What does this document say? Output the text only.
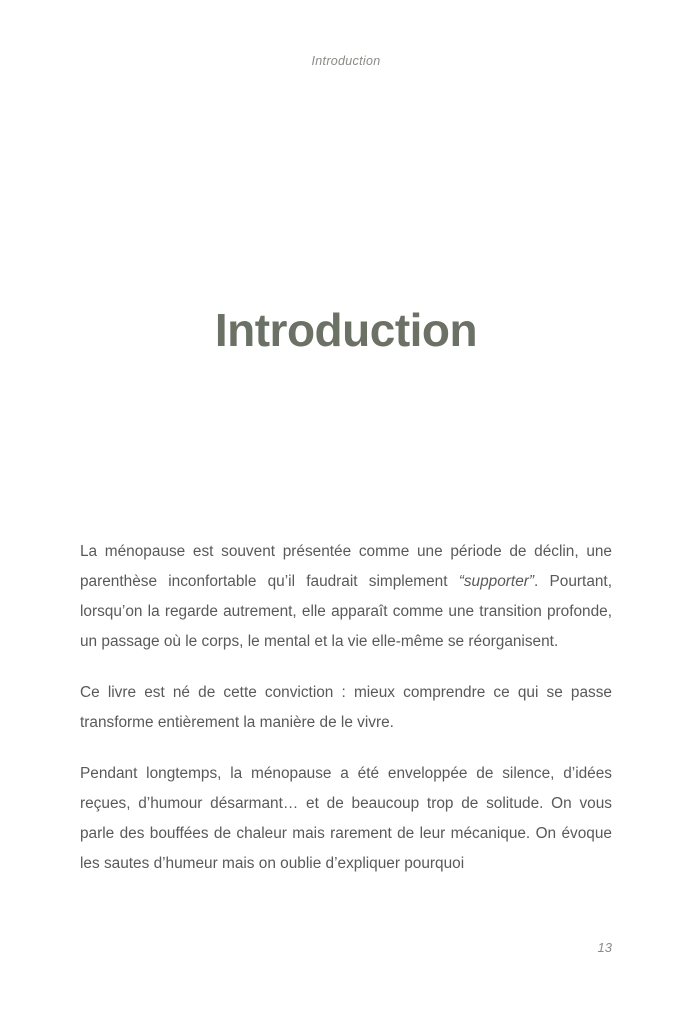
Introduction
Introduction

La ménopause est souvent présentée comme une période de déclin, une parenthèse inconfortable qu’il faudrait simplement “supporter”. Pourtant, lorsqu’on la regarde autrement, elle apparaît comme une transition profonde, un passage où le corps, le mental et la vie elle-même se réorganisent.

Ce livre est né de cette conviction : mieux comprendre ce qui se passe transforme entièrement la manière de le vivre.

Pendant longtemps, la ménopause a été enveloppée de silence, d’idées reçues, d’humour désarmant… et de beaucoup trop de solitude. On vous parle des bouffées de chaleur mais rarement de leur mécanique. On évoque les sautes d’humeur mais on oublie d’expliquer pourquoi

13
